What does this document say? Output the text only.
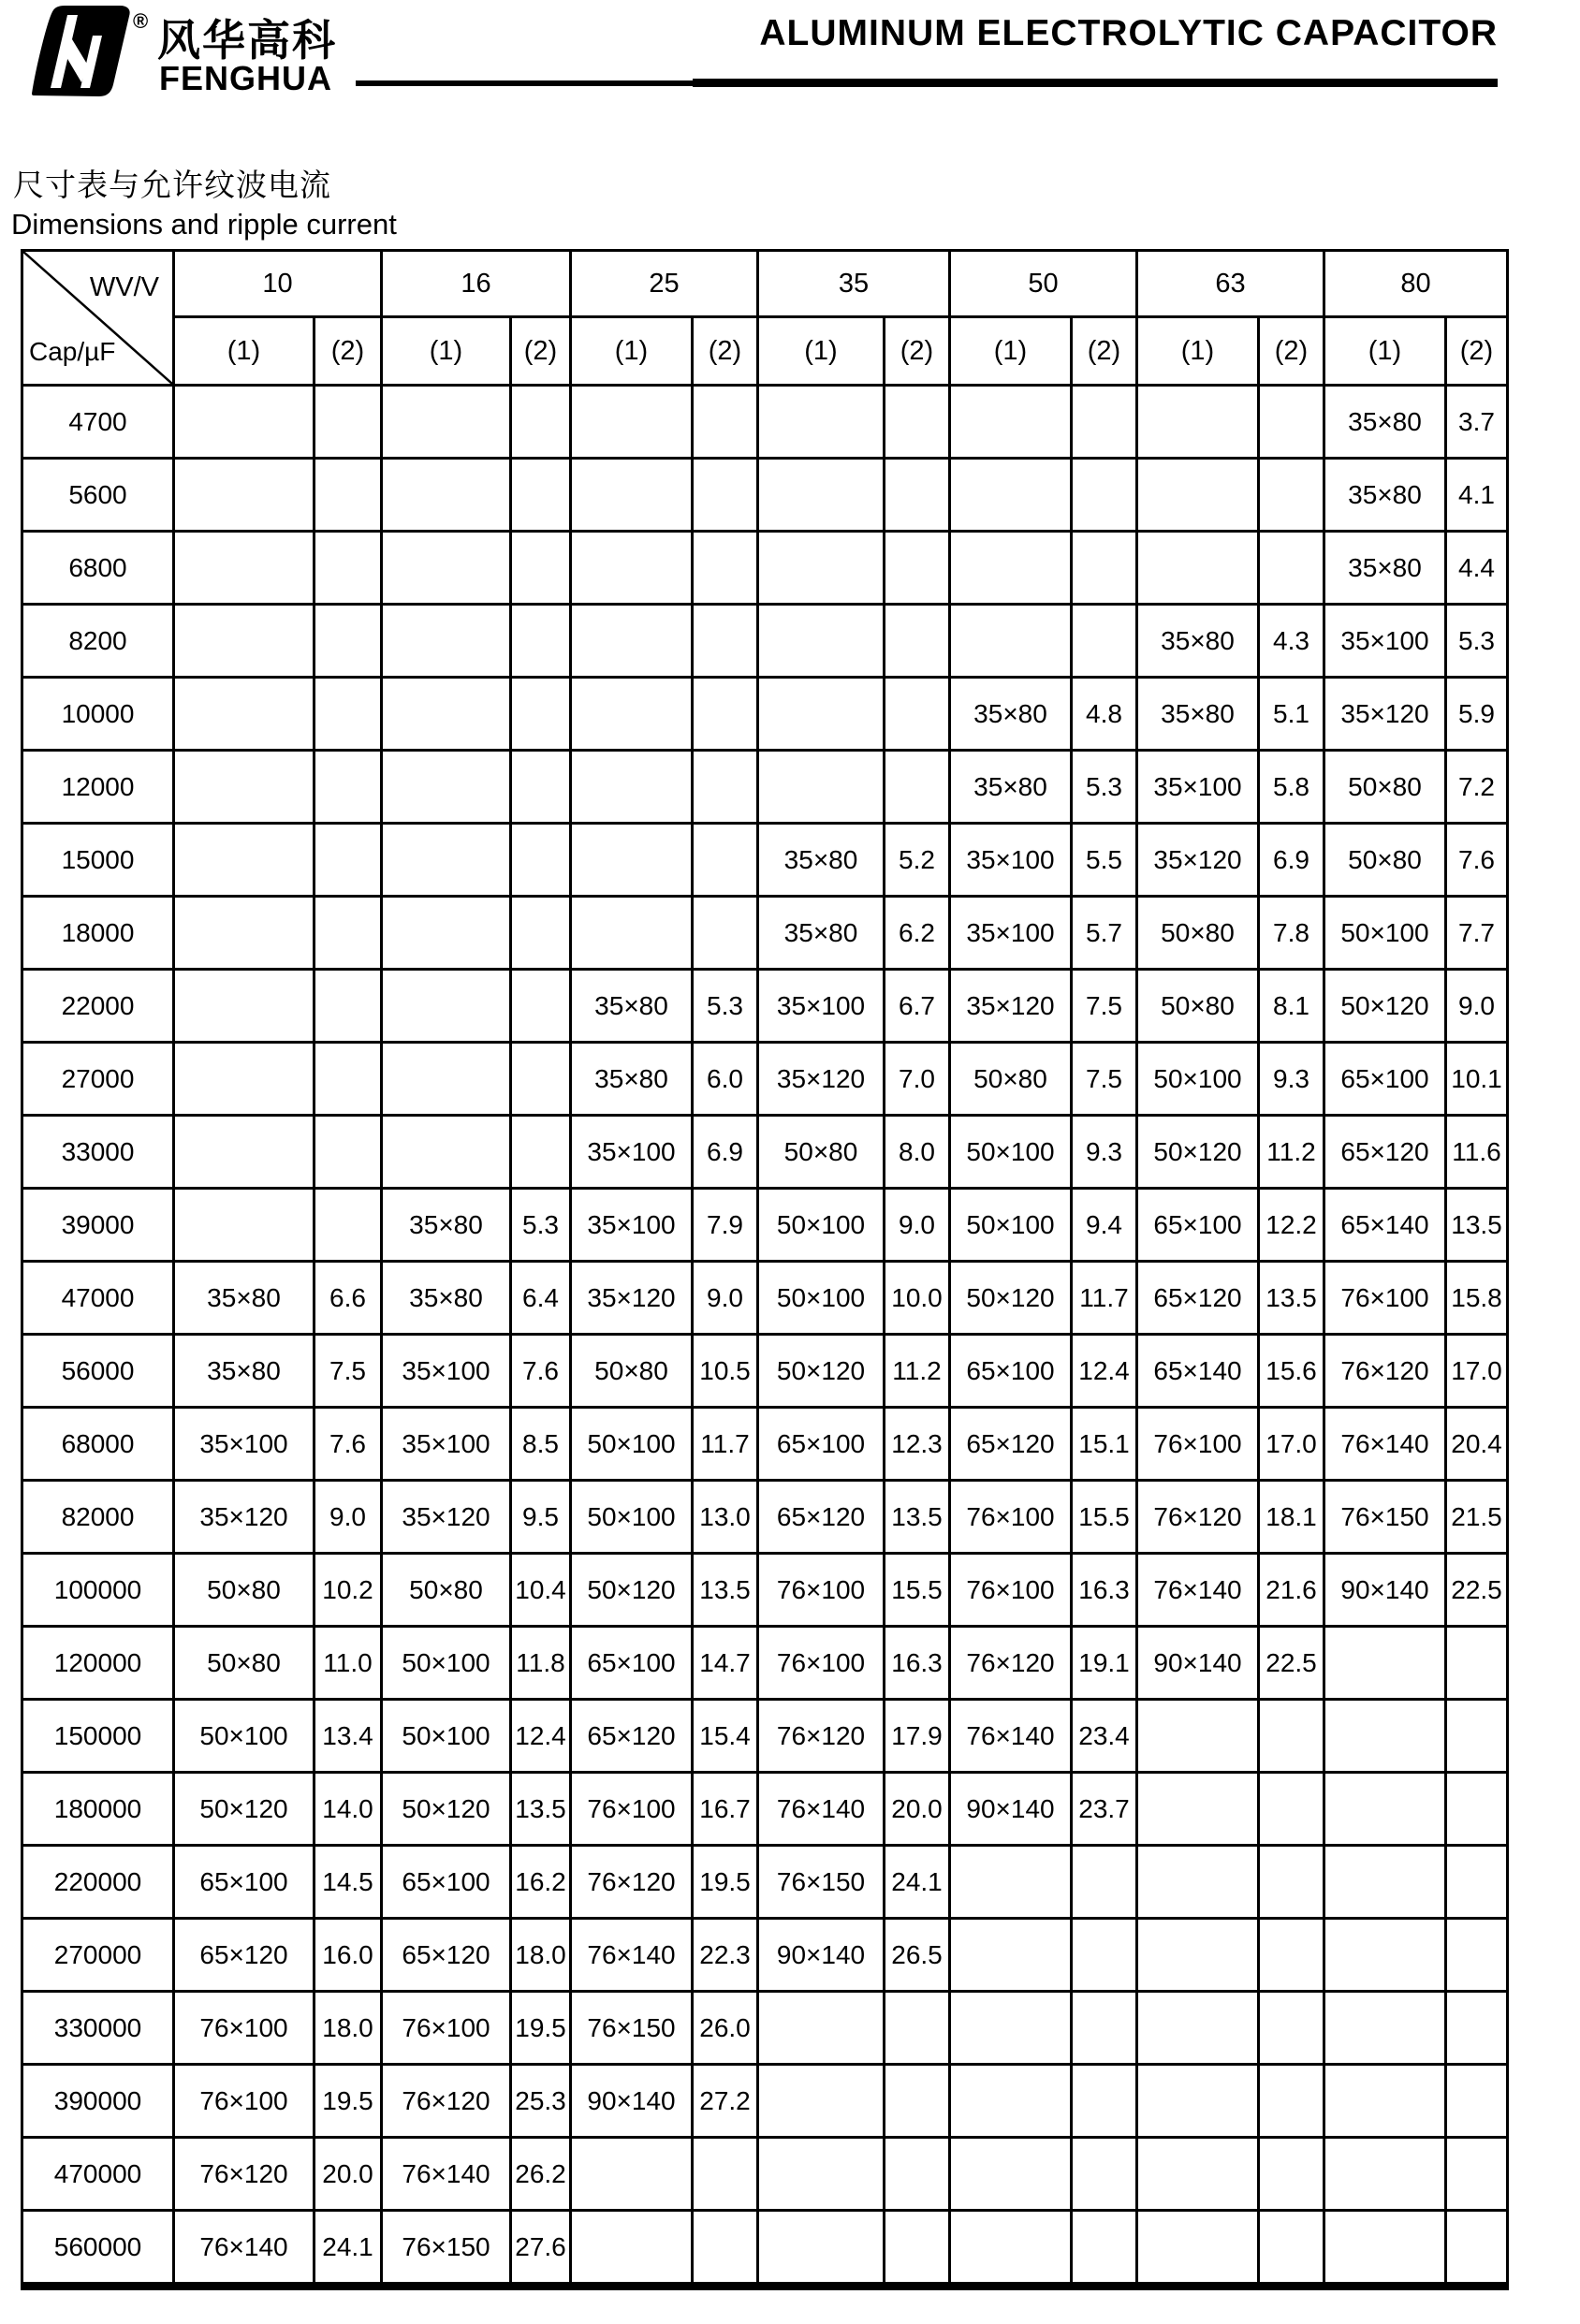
® 风华高科
FENGHUA
ALUMINUM ELECTROLYTIC CAPACITOR
尺寸表与允许纹波电流
Dimensions and ripple current
WV/V
Cap/µF	10		16		25		35		50		63		80	
	(1)	(2)	(1)	(2)	(1)	(2)	(1)	(2)	(1)	(2)	(1)	(2)	(1)	(2)
4700													35×80	3.7
5600													35×80	4.1
6800													35×80	4.4
8200											35×80	4.3	35×100	5.3
10000									35×80	4.8	35×80	5.1	35×120	5.9
12000									35×80	5.3	35×100	5.8	50×80	7.2
15000							35×80	5.2	35×100	5.5	35×120	6.9	50×80	7.6
18000							35×80	6.2	35×100	5.7	50×80	7.8	50×100	7.7
22000					35×80	5.3	35×100	6.7	35×120	7.5	50×80	8.1	50×120	9.0
27000					35×80	6.0	35×120	7.0	50×80	7.5	50×100	9.3	65×100	10.1
33000					35×100	6.9	50×80	8.0	50×100	9.3	50×120	11.2	65×120	11.6
39000			35×80	5.3	35×100	7.9	50×100	9.0	50×100	9.4	65×100	12.2	65×140	13.5
47000	35×80	6.6	35×80	6.4	35×120	9.0	50×100	10.0	50×120	11.7	65×120	13.5	76×100	15.8
56000	35×80	7.5	35×100	7.6	50×80	10.5	50×120	11.2	65×100	12.4	65×140	15.6	76×120	17.0
68000	35×100	7.6	35×100	8.5	50×100	11.7	65×100	12.3	65×120	15.1	76×100	17.0	76×140	20.4
82000	35×120	9.0	35×120	9.5	50×100	13.0	65×120	13.5	76×100	15.5	76×120	18.1	76×150	21.5
100000	50×80	10.2	50×80	10.4	50×120	13.5	76×100	15.5	76×100	16.3	76×140	21.6	90×140	22.5
120000	50×80	11.0	50×100	11.8	65×100	14.7	76×100	16.3	76×120	19.1	90×140	22.5		
150000	50×100	13.4	50×100	12.4	65×120	15.4	76×120	17.9	76×140	23.4				
180000	50×120	14.0	50×120	13.5	76×100	16.7	76×140	20.0	90×140	23.7				
220000	65×100	14.5	65×100	16.2	76×120	19.5	76×150	24.1						
270000	65×120	16.0	65×120	18.0	76×140	22.3	90×140	26.5						
330000	76×100	18.0	76×100	19.5	76×150	26.0								
390000	76×100	19.5	76×120	25.3	90×140	27.2								
470000	76×120	20.0	76×140	26.2										
560000	76×140	24.1	76×150	27.6										
